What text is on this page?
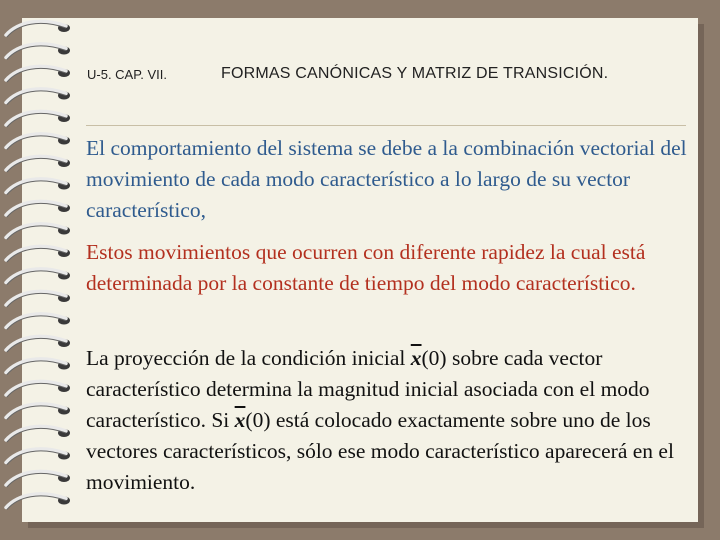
U-5. CAP. VII.	FORMAS CANÓNICAS Y MATRIZ DE TRANSICIÓN.
El comportamiento del sistema se debe a la combinación vectorial del movimiento de cada modo característico a lo largo de su vector característico,
Estos movimientos que ocurren con diferente rapidez la cual está determinada por la constante de tiempo del modo característico.
La proyección de la condición inicial $\overline{x}(0)$ sobre cada vector característico determina la magnitud inicial asociada con el modo característico. Si $\overline{x}(0)$ está colocado exactamente sobre uno de los vectores característicos, sólo ese modo característico aparecerá en el movimiento.
